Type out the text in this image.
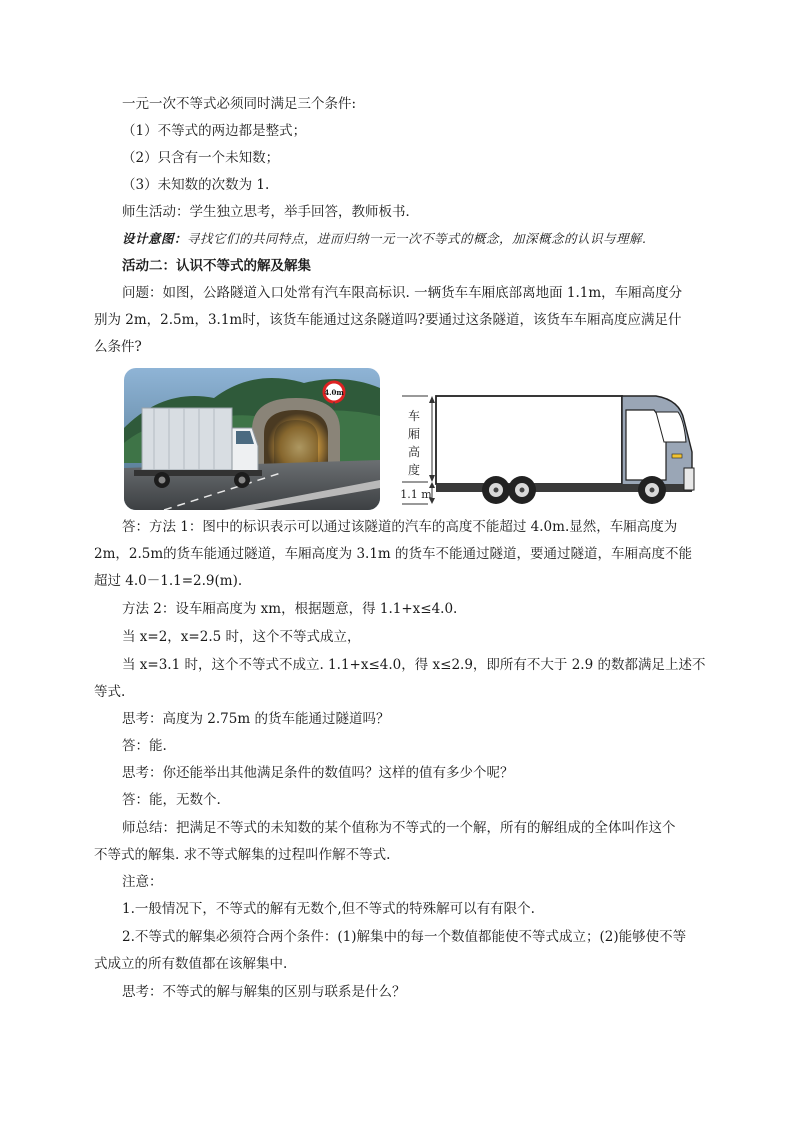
一元一次不等式必须同时满足三个条件:
（1）不等式的两边都是整式；
（2）只含有一个未知数；
（3）未知数的次数为 1.
师生活动：学生独立思考，举手回答，教师板书．
设计意图：寻找它们的共同特点，进而归纳一元一次不等式的概念，加深概念的认识与理解.
活动二：认识不等式的解及解集
问题：如图，公路隧道入口处常有汽车限高标识. 一辆货车车厢底部离地面 1.1m，车厢高度分
别为 2m，2.5m，3.1m时，该货车能通过这条隧道吗?要通过这条隧道，该货车车厢高度应满足什
么条件?
4.0m
车
厢
高
度
1.1 m
答：方法 1：图中的标识表示可以通过该隧道的汽车的高度不能超过 4.0m.显然，车厢高度为
2m，2.5m的货车能通过隧道，车厢高度为 3.1m 的货车不能通过隧道，要通过隧道，车厢高度不能
超过 4.0－1.1=2.9(m).
方法 2：设车厢高度为 xm，根据题意，得 1.1+x≤4.0.
当 x=2，x=2.5 时，这个不等式成立，
当 x=3.1 时，这个不等式不成立. 1.1+x≤4.0，得 x≤2.9，即所有不大于 2.9 的数都满足上述不
等式.
思考：高度为 2.75m 的货车能通过隧道吗？
答：能.
思考：你还能举出其他满足条件的数值吗？这样的值有多少个呢？
答：能，无数个.
师总结：把满足不等式的未知数的某个值称为不等式的一个解，所有的解组成的全体叫作这个
不等式的解集. 求不等式解集的过程叫作解不等式.
注意：
1.一般情况下，不等式的解有无数个,但不等式的特殊解可以有有限个.
2.不等式的解集必须符合两个条件：(1)解集中的每一个数值都能使不等式成立；(2)能够使不等
式成立的所有数值都在该解集中.
思考：不等式的解与解集的区别与联系是什么？
